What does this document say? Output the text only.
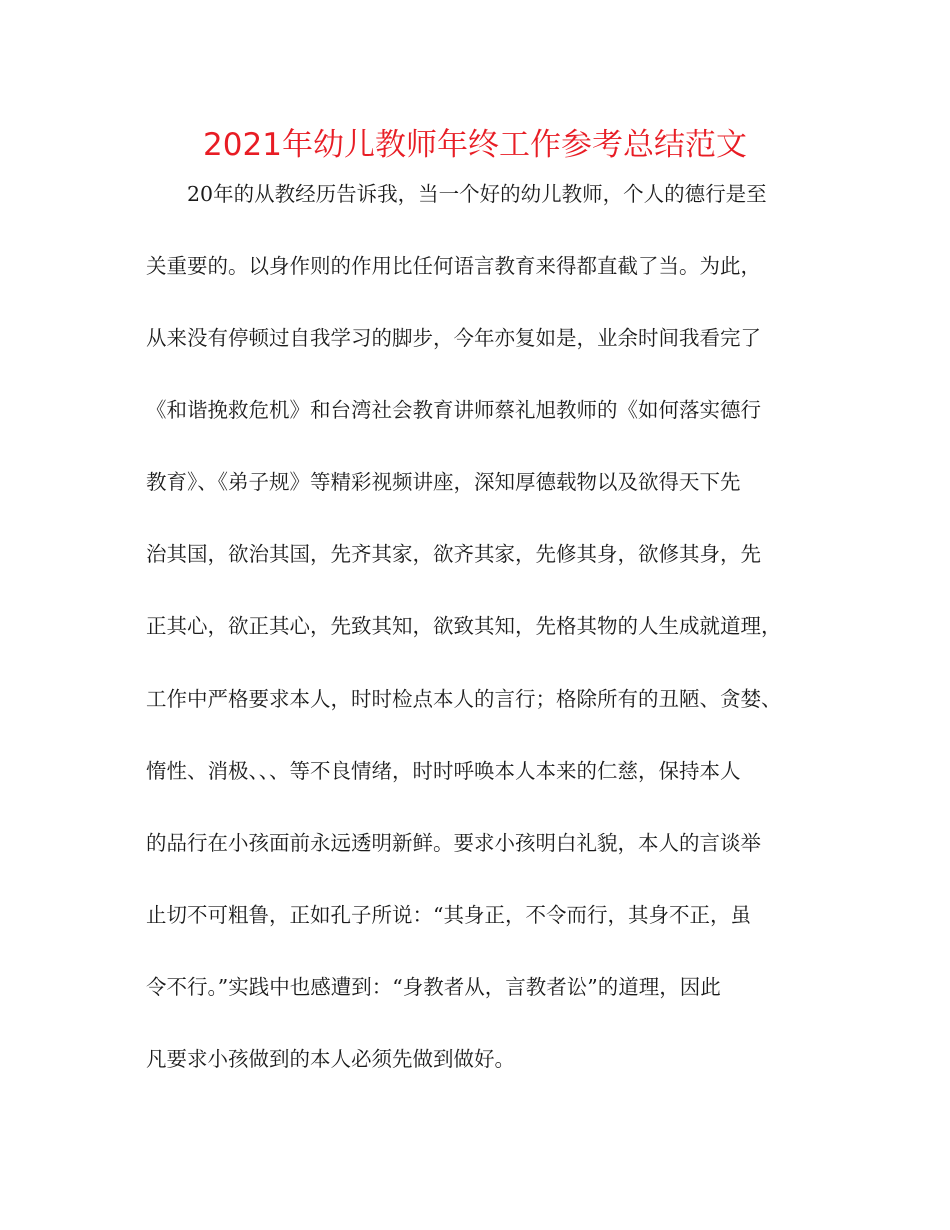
2021年幼儿教师年终工作参考总结范文
20年的从教经历告诉我，当一个好的幼儿教师，个人的德行是至
关重要的。以身作则的作用比任何语言教育来得都直截了当。为此，
从来没有停顿过自我学习的脚步，今年亦复如是，业余时间我看完了
《和谐挽救危机》和台湾社会教育讲师蔡礼旭教师的《如何落实德行
教育》、《弟子规》等精彩视频讲座，深知厚德载物以及欲得天下先
治其国，欲治其国，先齐其家，欲齐其家，先修其身，欲修其身，先
正其心，欲正其心，先致其知，欲致其知，先格其物的人生成就道理，
工作中严格要求本人，时时检点本人的言行；格除所有的丑陋、贪婪、
惰性、消极、、、等不良情绪，时时呼唤本人本来的仁慈，保持本人
的品行在小孩面前永远透明新鲜。要求小孩明白礼貌，本人的言谈举
止切不可粗鲁，正如孔子所说：“其身正，不令而行，其身不正，虽
令不行。”实践中也感遭到：“身教者从，言教者讼”的道理，因此
凡要求小孩做到的本人必须先做到做好。
